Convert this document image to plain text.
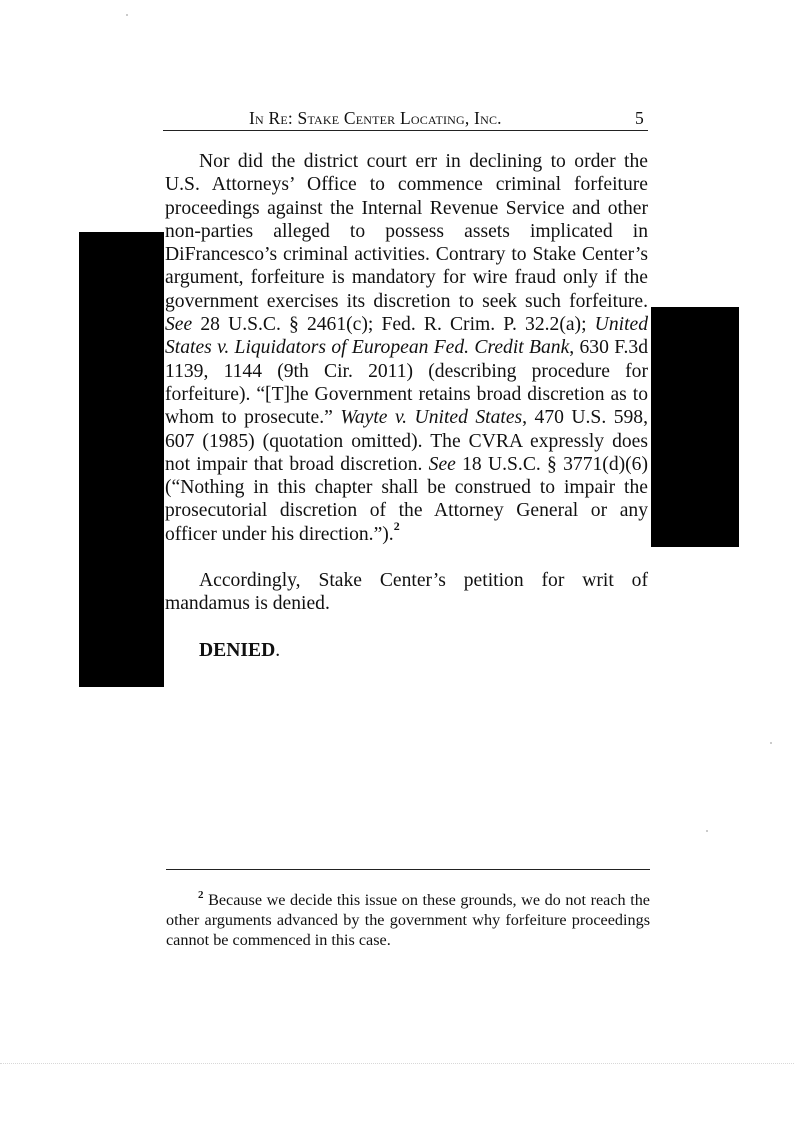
In Re: Stake Center Locating, Inc.	5

Nor did the district court err in declining to order the U.S. Attorneys’ Office to commence criminal forfeiture proceedings against the Internal Revenue Service and other non-parties alleged to possess assets implicated in DiFrancesco’s criminal activities. Contrary to Stake Center’s argument, forfeiture is mandatory for wire fraud only if the government exercises its discretion to seek such forfeiture. See 28 U.S.C. § 2461(c); Fed. R. Crim. P. 32.2(a); United States v. Liquidators of European Fed. Credit Bank, 630 F.3d 1139, 1144 (9th Cir. 2011) (describing procedure for forfeiture). “[T]he Government retains broad discretion as to whom to prosecute.” Wayte v. United States, 470 U.S. 598, 607 (1985) (quotation omitted). The CVRA expressly does not impair that broad discretion. See 18 U.S.C. § 3771(d)(6) (“Nothing in this chapter shall be construed to impair the prosecutorial discretion of the Attorney General or any officer under his direction.”).$^2$

Accordingly, Stake Center’s petition for writ of mandamus is denied.

DENIED.

$^2$ Because we decide this issue on these grounds, we do not reach the other arguments advanced by the government why forfeiture proceedings cannot be commenced in this case.
